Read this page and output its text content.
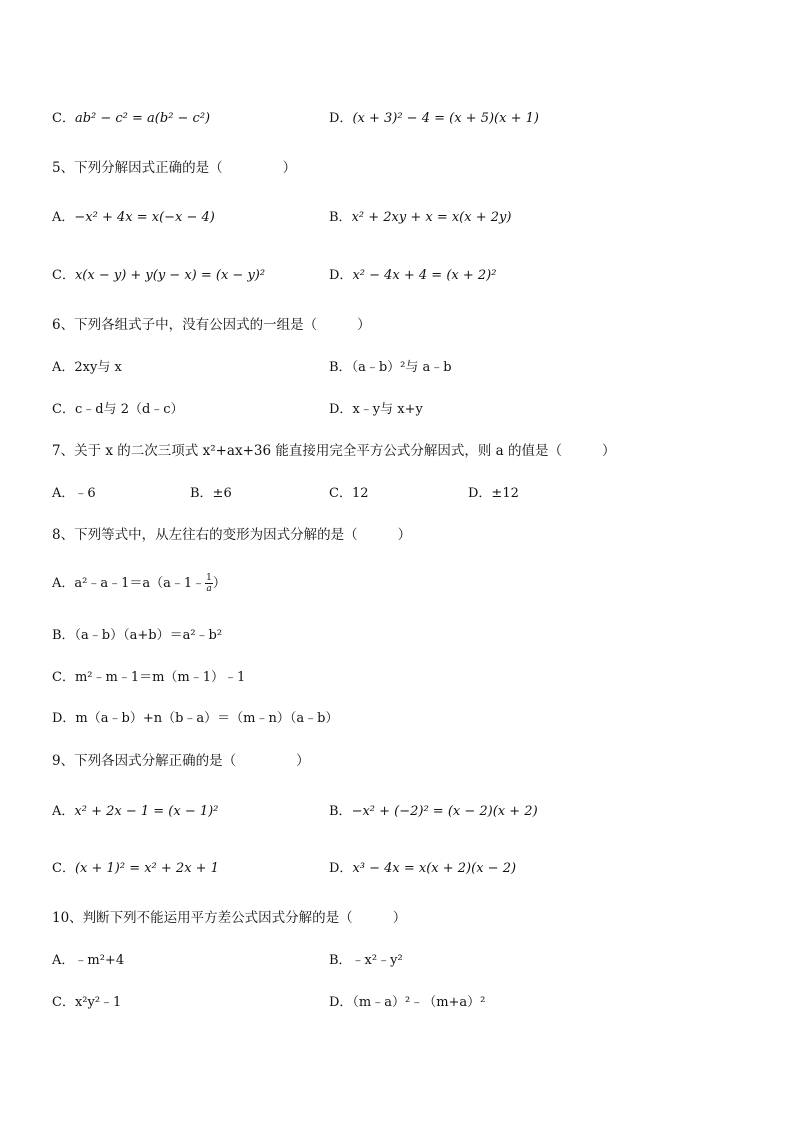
C．ab² − c² = a(b² − c²)	D．(x + 3)² − 4 = (x + 5)(x + 1)
5、下列分解因式正确的是（	）
A．−x² + 4x = x(−x − 4)	B．x² + 2xy + x = x(x + 2y)
C．x(x − y) + y(y − x) = (x − y)²	D．x² − 4x + 4 = (x + 2)²
6、下列各组式子中，没有公因式的一组是（	）
A．2xy与 x	B．（a﹣b）²与 a﹣b
C．c﹣d与 2（d﹣c）	D．x﹣y与 x+y
7、关于 x 的二次三项式 x²+ax+36 能直接用完全平方公式分解因式，则 a 的值是（	）
A．﹣6	B．±6	C．12	D．±12
8、下列等式中，从左往右的变形为因式分解的是（	）
A．a²﹣a﹣1＝a（a﹣1﹣ $\frac{1}{a}$ ）
B．（a﹣b）（a+b）＝a²﹣b²
C．m²﹣m﹣1＝m（m﹣1）﹣1
D．m（a﹣b）+n（b﹣a）＝（m﹣n）（a﹣b）
9、下列各因式分解正确的是（	）
A．x² + 2x − 1 = (x − 1)²	B．−x² + (−2)² = (x − 2)(x + 2)
C．(x + 1)² = x² + 2x + 1	D．x³ − 4x = x(x + 2)(x − 2)
10、判断下列不能运用平方差公式因式分解的是（	）
A．﹣m²+4	B．﹣x²﹣y²
C．x²y²﹣1	D．（m﹣a）²﹣（m+a）²
